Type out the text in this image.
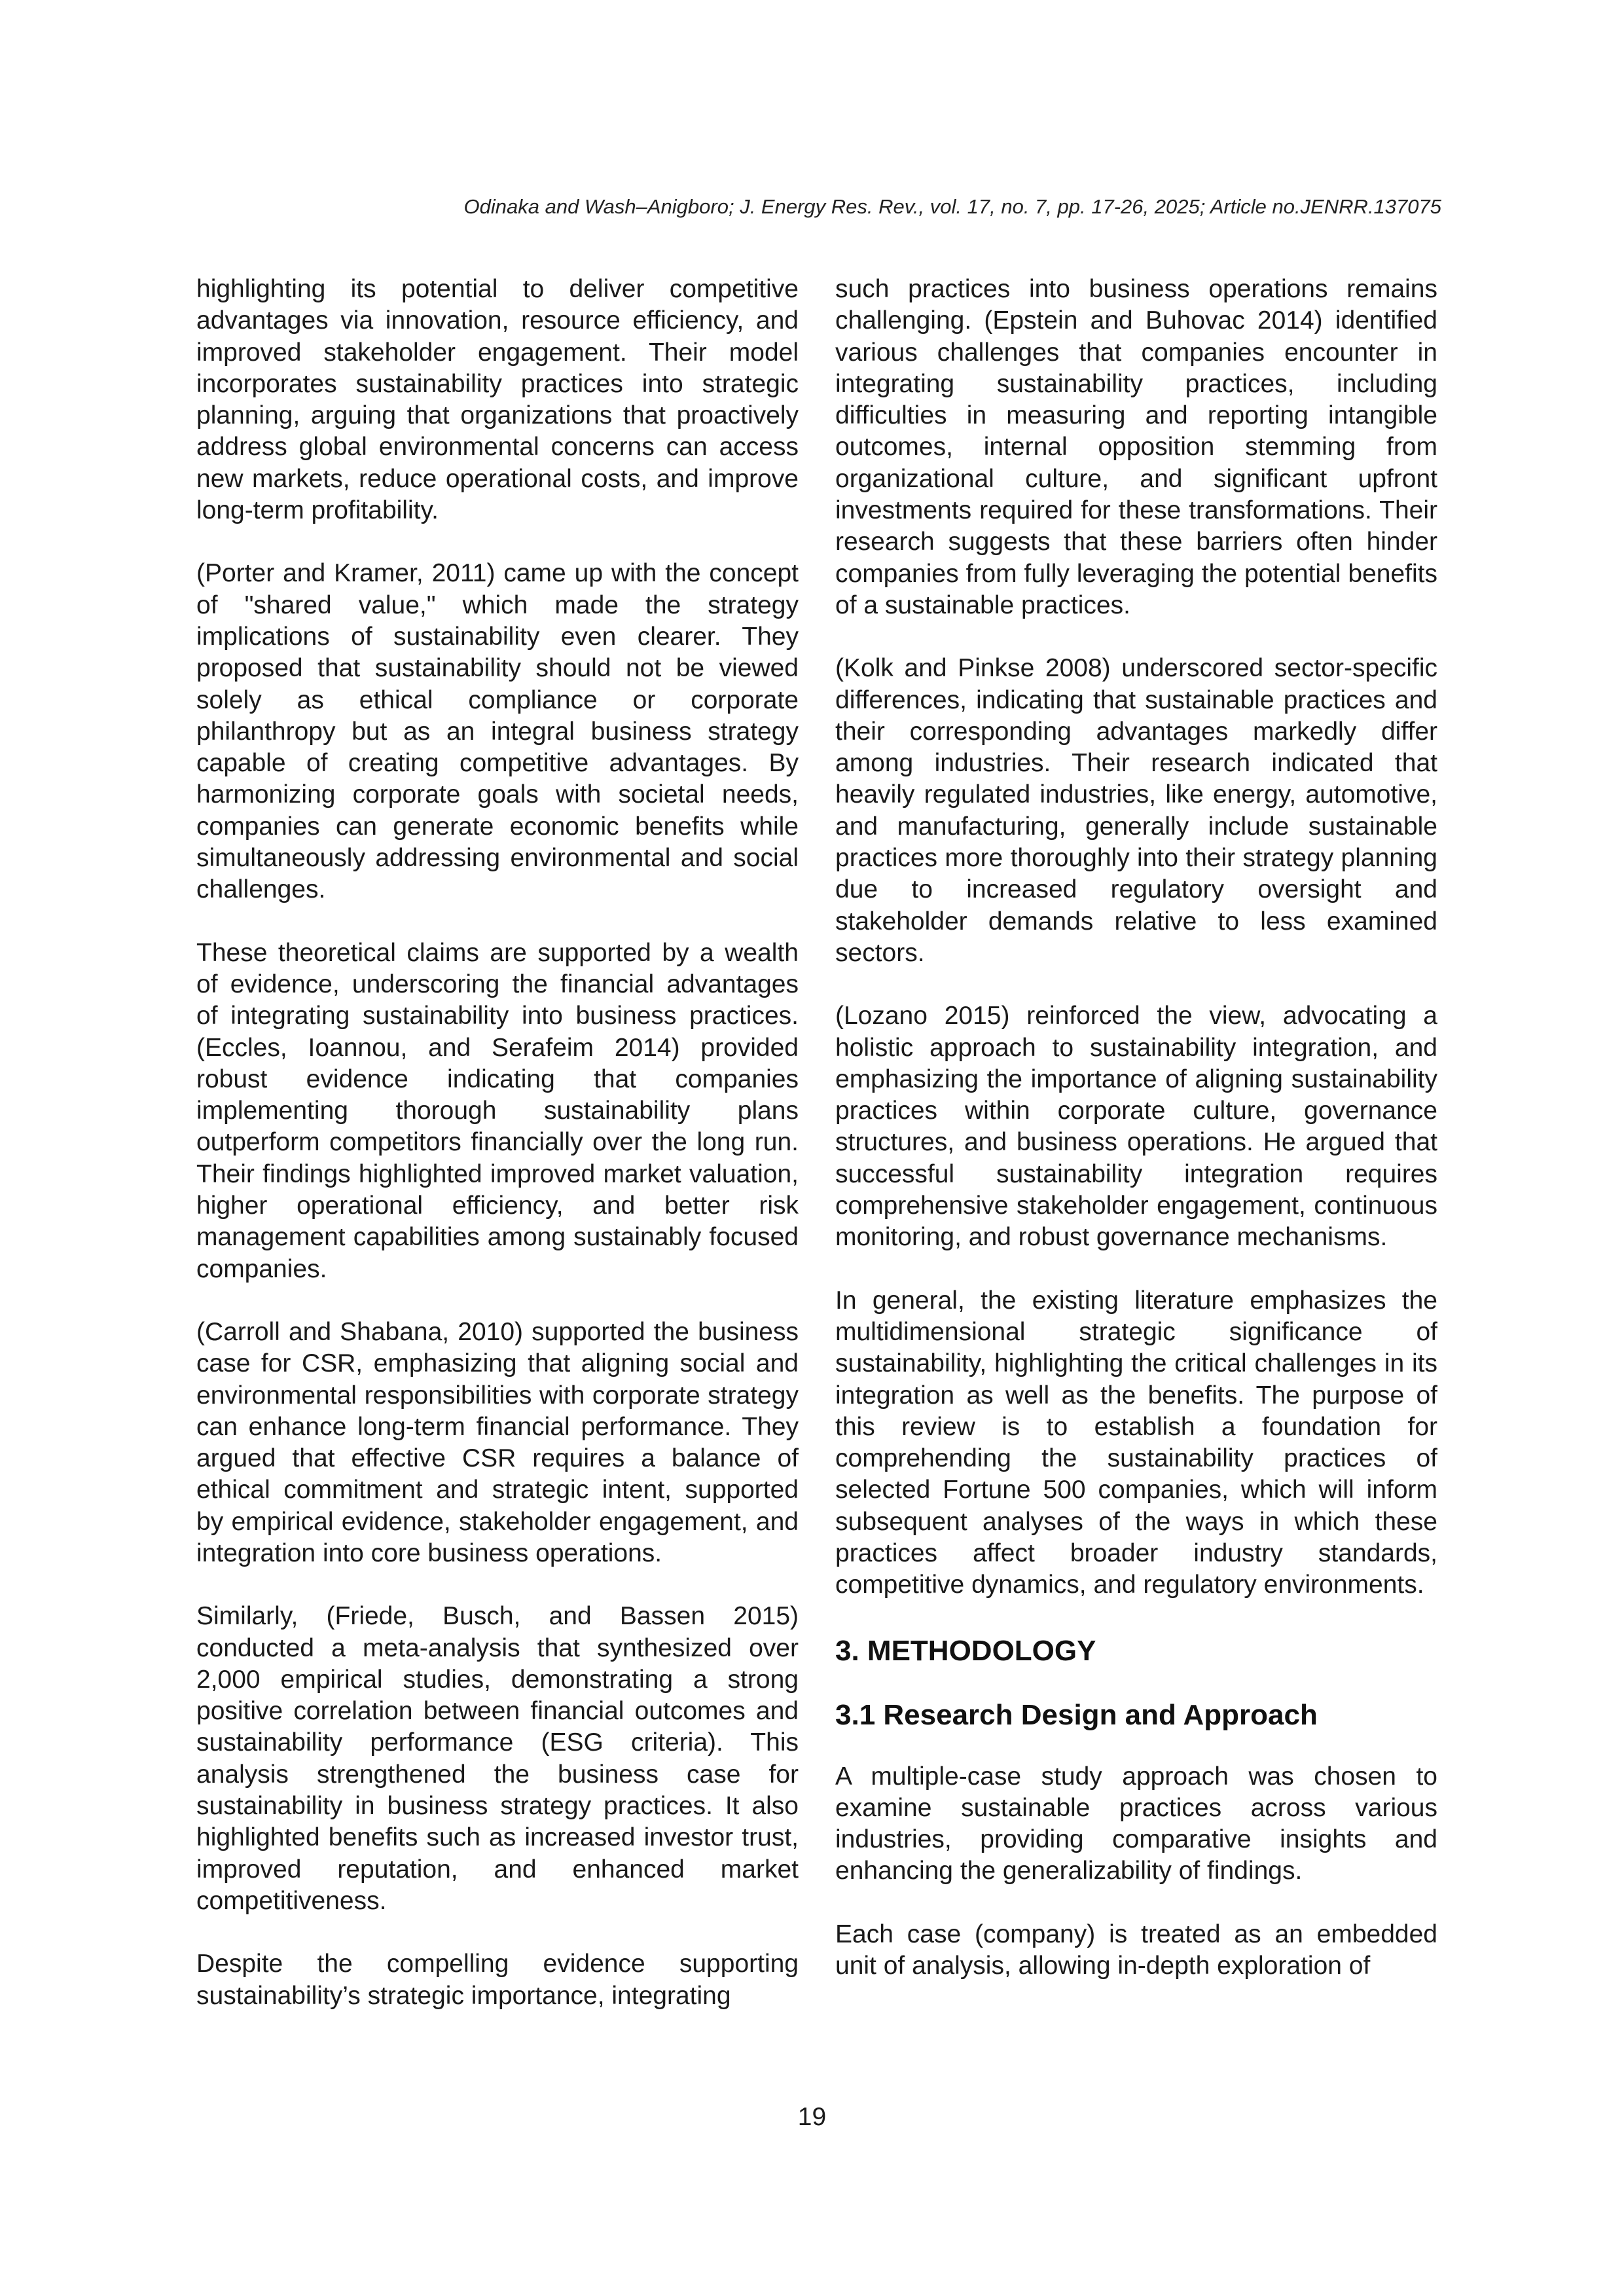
Odinaka and Wash–Anigboro; J. Energy Res. Rev., vol. 17, no. 7, pp. 17-26, 2025; Article no.JENRR.137075

highlighting its potential to deliver competitive advantages via innovation, resource efficiency, and improved stakeholder engagement. Their model incorporates sustainability practices into strategic planning, arguing that organizations that proactively address global environmental concerns can access new markets, reduce operational costs, and improve long-term profitability.

(Porter and Kramer, 2011) came up with the concept of "shared value," which made the strategy implications of sustainability even clearer. They proposed that sustainability should not be viewed solely as ethical compliance or corporate philanthropy but as an integral business strategy capable of creating competitive advantages. By harmonizing corporate goals with societal needs, companies can generate economic benefits while simultaneously addressing environmental and social challenges.

These theoretical claims are supported by a wealth of evidence, underscoring the financial advantages of integrating sustainability into business practices. (Eccles, Ioannou, and Serafeim 2014) provided robust evidence indicating that companies implementing thorough sustainability plans outperform competitors financially over the long run. Their findings highlighted improved market valuation, higher operational efficiency, and better risk management capabilities among sustainably focused companies.

(Carroll and Shabana, 2010) supported the business case for CSR, emphasizing that aligning social and environmental responsibilities with corporate strategy can enhance long-term financial performance. They argued that effective CSR requires a balance of ethical commitment and strategic intent, supported by empirical evidence, stakeholder engagement, and integration into core business operations.

Similarly, (Friede, Busch, and Bassen 2015) conducted a meta-analysis that synthesized over 2,000 empirical studies, demonstrating a strong positive correlation between financial outcomes and sustainability performance (ESG criteria). This analysis strengthened the business case for sustainability in business strategy practices. It also highlighted benefits such as increased investor trust, improved reputation, and enhanced market competitiveness.

Despite the compelling evidence supporting sustainability’s strategic importance, integrating

such practices into business operations remains challenging. (Epstein and Buhovac 2014) identified various challenges that companies encounter in integrating sustainability practices, including difficulties in measuring and reporting intangible outcomes, internal opposition stemming from organizational culture, and significant upfront investments required for these transformations. Their research suggests that these barriers often hinder companies from fully leveraging the potential benefits of a sustainable practices.

(Kolk and Pinkse 2008) underscored sector-specific differences, indicating that sustainable practices and their corresponding advantages markedly differ among industries. Their research indicated that heavily regulated industries, like energy, automotive, and manufacturing, generally include sustainable practices more thoroughly into their strategy planning due to increased regulatory oversight and stakeholder demands relative to less examined sectors.

(Lozano 2015) reinforced the view, advocating a holistic approach to sustainability integration, and emphasizing the importance of aligning sustainability practices within corporate culture, governance structures, and business operations. He argued that successful sustainability integration requires comprehensive stakeholder engagement, continuous monitoring, and robust governance mechanisms.

In general, the existing literature emphasizes the multidimensional strategic significance of sustainability, highlighting the critical challenges in its integration as well as the benefits. The purpose of this review is to establish a foundation for comprehending the sustainability practices of selected Fortune 500 companies, which will inform subsequent analyses of the ways in which these practices affect broader industry standards, competitive dynamics, and regulatory environments.

3. METHODOLOGY
3.1 Research Design and Approach

A multiple-case study approach was chosen to examine sustainable practices across various industries, providing comparative insights and enhancing the generalizability of findings.

Each case (company) is treated as an embedded unit of analysis, allowing in-depth exploration of

19
